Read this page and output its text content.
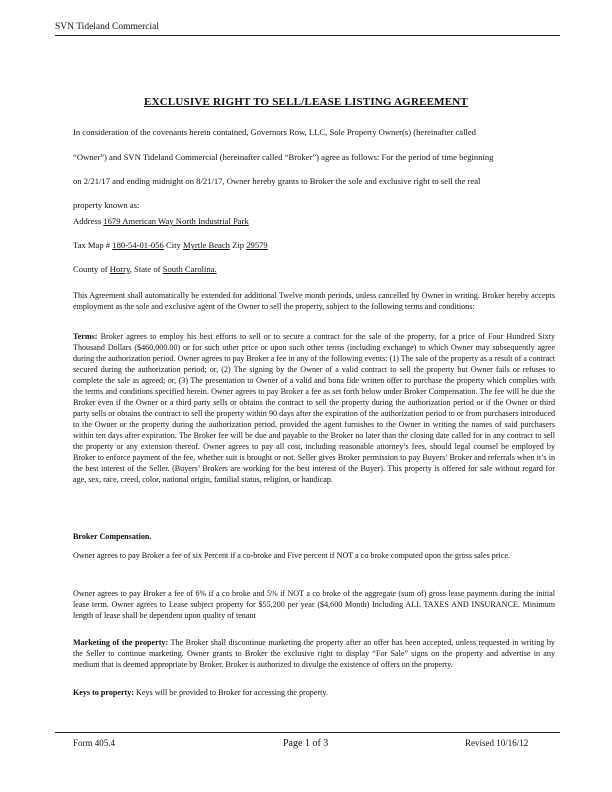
SVN Tideland Commercial
EXCLUSIVE RIGHT TO SELL/LEASE LISTING AGREEMENT
In consideration of the covenants herein contained, Governors Row, LLC, Sole Property Owner(s) (hereinafter called
“Owner”) and SVN Tideland Commercial (hereinafter called “Broker”) agree as follows: For the period of time beginning
on 2/21/17 and ending midnight on 8/21/17, Owner hereby grants to Broker the sole and exclusive right to sell the real
property known as:
Address 1679 American Way North Industrial Park
Tax Map # 180-54-01-056 City Myrtle Beach Zip 29579
County of Horry, State of South Carolina.
This Agreement shall automatically be extended for additional Twelve month periods, unless cancelled by Owner in writing. Broker hereby accepts employment as the sole and exclusive agent of the Owner to sell the property, subject to the following terms and conditions:
Terms: Broker agrees to employ his best efforts to sell or to secure a contract for the sale of the property, for a price of Four Hundred Sixty Thousand Dollars ($460,000.00) or for such other price or upon such other terms (including exchange) to which Owner may subsequently agree during the authorization period. Owner agrees to pay Broker a fee in any of the following events: (1) The sale of the property as a result of a contract secured during the authorization period; or, (2) The signing by the Owner of a valid contract to sell the property but Owner fails or refuses to complete the sale as agreed; or, (3) The presentation to Owner of a valid and bona fide written offer to purchase the property which complies with the terms and conditions specified herein. Owner agrees to pay Broker a fee as set forth below under Broker Compensation. The fee will be due the Broker even if the Owner or a third party sells or obtains the contract to sell the property during the authorization period or if the Owner or third party sells or obtains the contract to sell the property within 90 days after the expiration of the authorization period to or from purchasers introduced to the Owner or the property during the authorization period, provided the agent furnishes to the Owner in writing the names of said purchasers within ten days after expiration. The Broker fee will be due and payable to the Broker no later than the closing date called for in any contract to sell the property or any extension thereof. Owner agrees to pay all cost, including reasonable attorney’s fees, should legal counsel be employed by Broker to enforce payment of the fee, whether suit is brought or not. Seller gives Broker permission to pay Buyers’ Broker and referrals when it’s in the best interest of the Seller. (Buyers’ Brokers are working for the best interest of the Buyer). This property is offered for sale without regard for age, sex, race, creed, color, national origin, familial status, religion, or handicap.
Broker Compensation.
Owner agrees to pay Broker a fee of six Percent if a co-broke and Five percent if NOT a co broke computed upon the gross sales price.
Owner agrees to pay Broker a fee of 6% if a co broke and 5% if NOT a co broke of the aggregate (sum of) gross lease payments during the initial lease term. Owner agrees to Lease subject property for $55,200 per year ($4,600 Month) Including ALL TAXES AND INSURANCE. Minimum length of lease shall be dependent upon quality of tenant
Marketing of the property: The Broker shall discontinue marketing the property after an offer has been accepted, unless requested in writing by the Seller to continue marketing. Owner grants to Broker the exclusive right to display “For Sale” signs on the property and advertise in any medium that is deemed appropriate by Broker. Broker is authorized to divulge the existence of offers on the property.
Keys to property: Keys will be provided to Broker for accessing the property.
Form 405.4	Page 1 of 3	Revised 10/16/12
